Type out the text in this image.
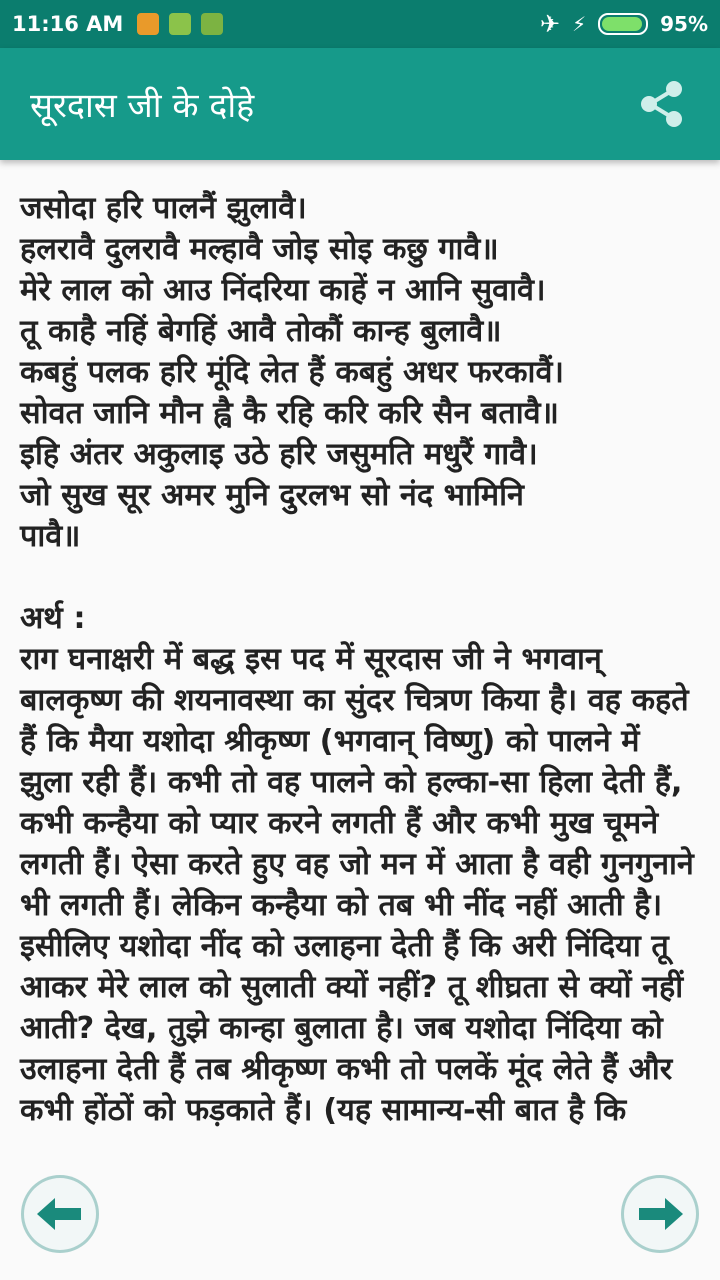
11:16 AM	✈ ⚡	95%
सूरदास जी के दोहे
जसोदा हरि पालनैं झुलावै।
हलरावै दुलरावै मल्हावै जोइ सोइ कछु गावै॥
मेरे लाल को आउ निंदरिया काहें न आनि सुवावै।
तू काहै नहिं बेगहिं आवै तोकौं कान्ह बुलावै॥
कबहुं पलक हरि मूंदि लेत हैं कबहुं अधर फरकावैं।
सोवत जानि मौन ह्वै कै रहि करि करि सैन बतावै॥
इहि अंतर अकुलाइ उठे हरि जसुमति मधुरैं गावै।
जो सुख सूर अमर मुनि दुरलभ सो नंद भामिनि
पावै॥
अर्थ :
राग घनाक्षरी में बद्ध इस पद में सूरदास जी ने भगवान् बालकृष्ण की शयनावस्था का सुंदर चित्रण किया है। वह कहते हैं कि मैया यशोदा श्रीकृष्ण (भगवान् विष्णु) को पालने में झुला रही हैं। कभी तो वह पालने को हल्का-सा हिला देती हैं, कभी कन्हैया को प्यार करने लगती हैं और कभी मुख चूमने लगती हैं। ऐसा करते हुए वह जो मन में आता है वही गुनगुनाने भी लगती हैं। लेकिन कन्हैया को तब भी नींद नहीं आती है। इसीलिए यशोदा नींद को उलाहना देती हैं कि अरी निंदिया तू आकर मेरे लाल को सुलाती क्यों नहीं? तू शीघ्रता से क्यों नहीं आती? देख, तुझे कान्हा बुलाता है। जब यशोदा निंदिया को उलाहना देती हैं तब श्रीकृष्ण कभी तो पलकें मूंद लेते हैं और कभी होंठों को फड़काते हैं। (यह सामान्य-सी बात है कि
